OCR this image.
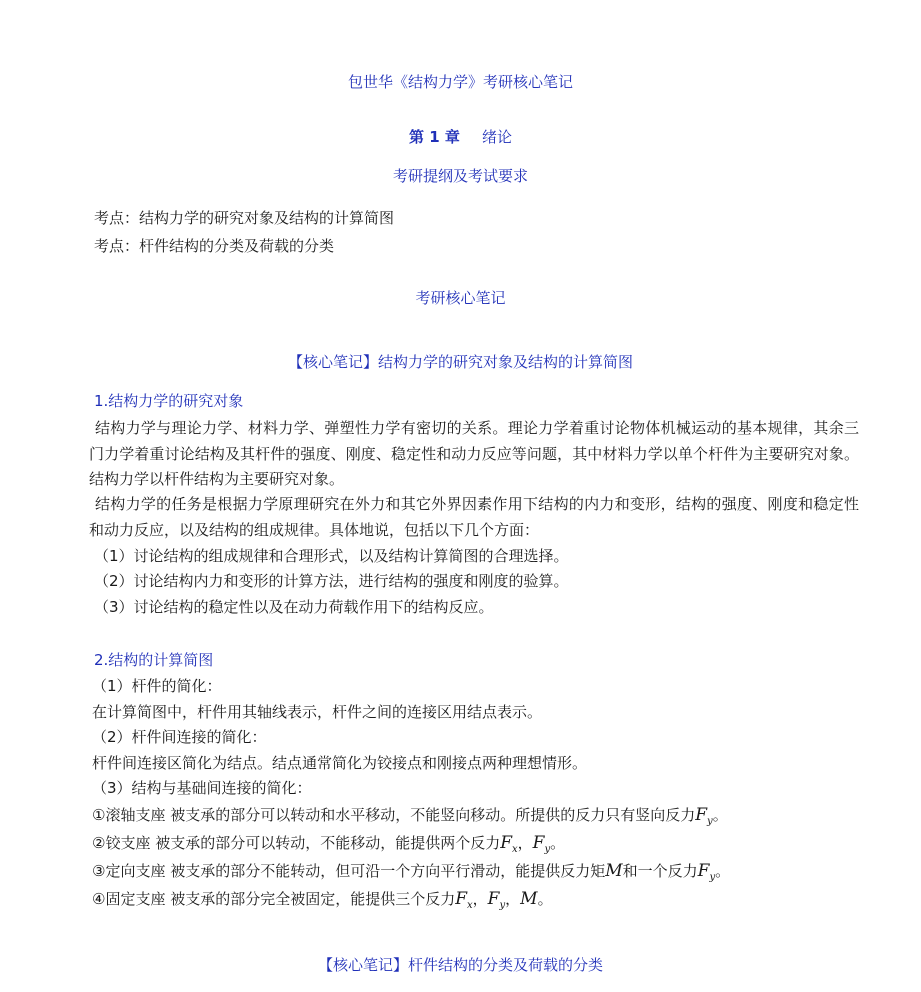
包世华《结构力学》考研核心笔记

第 1 章 绪论

考研提纲及考试要求

考点：结构力学的研究对象及结构的计算简图

考点：杆件结构的分类及荷载的分类

考研核心笔记

【核心笔记】结构力学的研究对象及结构的计算简图

1.结构力学的研究对象

结构力学与理论力学、材料力学、弹塑性力学有密切的关系。理论力学着重讨论物体机械运动的基本规律，其余三门力学着重讨论结构及其杆件的强度、刚度、稳定性和动力反应等问题，其中材料力学以单个杆件为主要研究对象。结构力学以杆件结构为主要研究对象。

结构力学的任务是根据力学原理研究在外力和其它外界因素作用下结构的内力和变形，结构的强度、刚度和稳定性和动力反应，以及结构的组成规律。具体地说，包括以下几个方面：

（1）讨论结构的组成规律和合理形式，以及结构计算简图的合理选择。

（2）讨论结构内力和变形的计算方法，进行结构的强度和刚度的验算。

（3）讨论结构的稳定性以及在动力荷载作用下的结构反应。

2.结构的计算简图

（1）杆件的简化：

在计算简图中，杆件用其轴线表示，杆件之间的连接区用结点表示。

（2）杆件间连接的简化：

杆件间连接区简化为结点。结点通常简化为铰接点和刚接点两种理想情形。

（3）结构与基础间连接的简化：

①滚轴支座 被支承的部分可以转动和水平移动，不能竖向移动。所提供的反力只有竖向反力$F_y$。

②铰支座 被支承的部分可以转动，不能移动，能提供两个反力$F_x$，$F_y$。

③定向支座 被支承的部分不能转动，但可沿一个方向平行滑动，能提供反力矩M和一个反力$F_y$。

④固定支座 被支承的部分完全被固定，能提供三个反力$F_x$，$F_y$，M。

【核心笔记】杆件结构的分类及荷载的分类
